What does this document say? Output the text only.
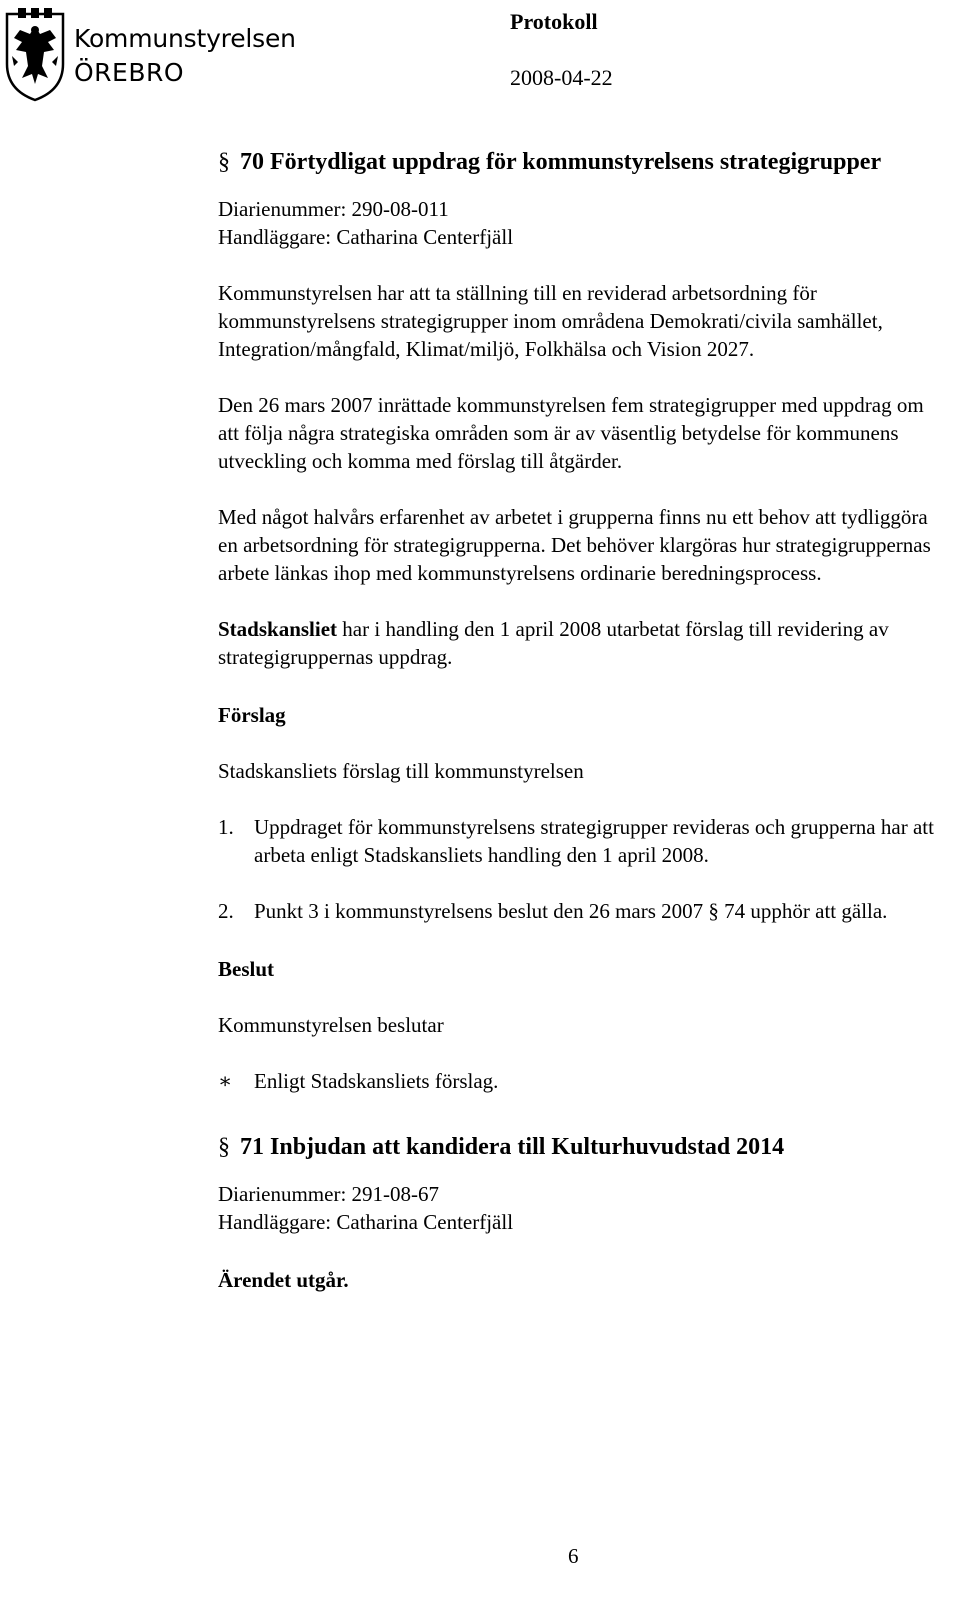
Kommunstyrelsen
ÖREBRO
Protokoll
2008-04-22
§ 70 Förtydligat uppdrag för kommunstyrelsens strategigrupper
Diarienummer: 290-08-011
Handläggare: Catharina Centerfjäll

Kommunstyrelsen har att ta ställning till en reviderad arbetsordning för kommunstyrelsens strategigrupper inom områdena Demokrati/civila samhället, Integration/mångfald, Klimat/miljö, Folkhälsa och Vision 2027.

Den 26 mars 2007 inrättade kommunstyrelsen fem strategigrupper med uppdrag om att följa några strategiska områden som är av väsentlig betydelse för kommunens utveckling och komma med förslag till åtgärder.

Med något halvårs erfarenhet av arbetet i grupperna finns nu ett behov att tydliggöra en arbetsordning för strategigrupperna. Det behöver klargöras hur strategigruppernas arbete länkas ihop med kommunstyrelsens ordinarie beredningsprocess.

Stadskansliet har i handling den 1 april 2008 utarbetat förslag till revidering av strategigruppernas uppdrag.

Förslag
Stadskansliets förslag till kommunstyrelsen
1. Uppdraget för kommunstyrelsens strategigrupper revideras och grupperna har att arbeta enligt Stadskansliets handling den 1 april 2008.
2. Punkt 3 i kommunstyrelsens beslut den 26 mars 2007 § 74 upphör att gälla.
Beslut
Kommunstyrelsen beslutar
∗	Enligt Stadskansliets förslag.
§ 71 Inbjudan att kandidera till Kulturhuvudstad 2014
Diarienummer: 291-08-67
Handläggare: Catharina Centerfjäll
Ärendet utgår.
6
